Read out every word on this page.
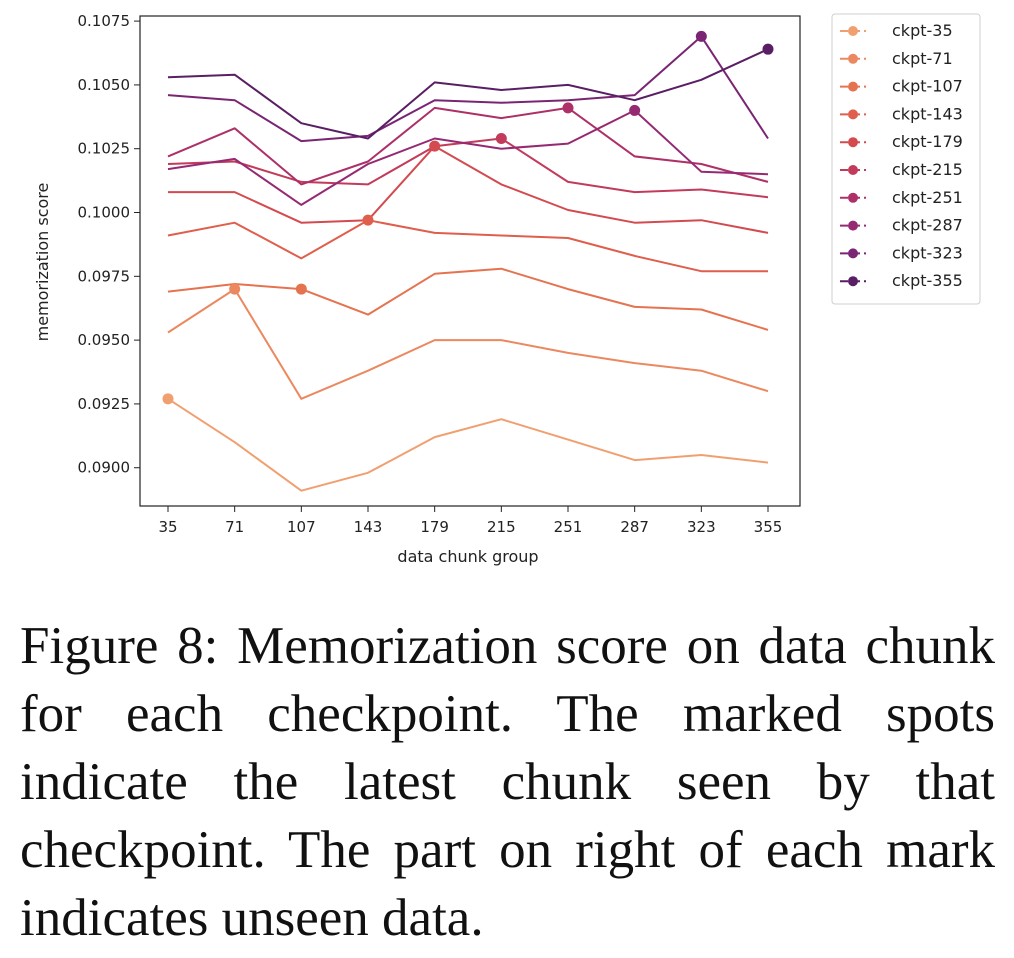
35	71	107	143	179	215	251	287	323	355
0.0900
0.0925
0.0950
0.0975
0.1000
0.1025
0.1050
0.1075
data chunk group
memorization score
ckpt-35
ckpt-71
ckpt-107
ckpt-143
ckpt-179
ckpt-215
ckpt-251
ckpt-287
ckpt-323
ckpt-355
Figure 8: Memorization score on data chunk for each checkpoint. The marked spots indicate the latest chunk seen by that checkpoint. The part on right of each mark indicates unseen data.
